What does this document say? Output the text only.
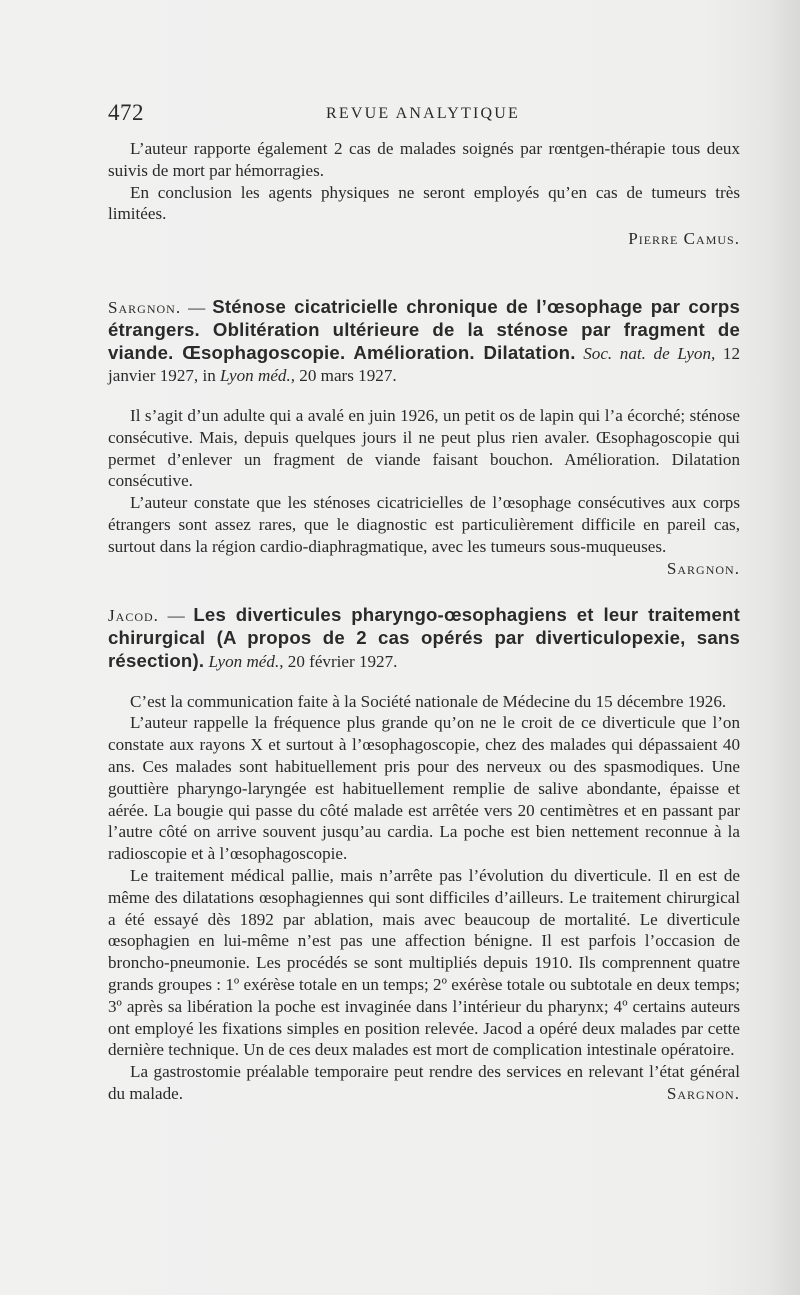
472	REVUE ANALYTIQUE

L’auteur rapporte également 2 cas de malades soignés par rœntgen-thérapie tous deux suivis de mort par hémorragies.

En conclusion les agents physiques ne seront employés qu’en cas de tumeurs très limitées.

Pierre Camus.

Sargnon. — Sténose cicatricielle chronique de l’œsophage par corps étrangers. Oblitération ultérieure de la sténose par fragment de viande. Œsophagoscopie. Amélioration. Dilatation. Soc. nat. de Lyon, 12 janvier 1927, in Lyon méd., 20 mars 1927.

Il s’agit d’un adulte qui a avalé en juin 1926, un petit os de lapin qui l’a écorché; sténose consécutive. Mais, depuis quelques jours il ne peut plus rien avaler. Œsophagoscopie qui permet d’enlever un fragment de viande faisant bouchon. Amélioration. Dilatation consécutive.

L’auteur constate que les sténoses cicatricielles de l’œsophage consécutives aux corps étrangers sont assez rares, que le diagnostic est particulièrement difficile en pareil cas, surtout dans la région cardio-diaphragmatique, avec les tumeurs sous-muqueuses.
Sargnon.

Jacod. — Les diverticules pharyngo-œsophagiens et leur traitement chirurgical (A propos de 2 cas opérés par diverticulopexie, sans résection). Lyon méd., 20 février 1927.

C’est la communication faite à la Société nationale de Médecine du 15 décembre 1926.

L’auteur rappelle la fréquence plus grande qu’on ne le croit de ce diverticule que l’on constate aux rayons X et surtout à l’œsophagoscopie, chez des malades qui dépassaient 40 ans. Ces malades sont habituellement pris pour des nerveux ou des spasmodiques. Une gouttière pharyngo-laryngée est habituellement remplie de salive abondante, épaisse et aérée. La bougie qui passe du côté malade est arrêtée vers 20 centimètres et en passant par l’autre côté on arrive souvent jusqu’au cardia. La poche est bien nettement reconnue à la radioscopie et à l’œsophagoscopie.

Le traitement médical pallie, mais n’arrête pas l’évolution du diverticule. Il en est de même des dilatations œsophagiennes qui sont difficiles d’ailleurs. Le traitement chirurgical a été essayé dès 1892 par ablation, mais avec beaucoup de mortalité. Le diverticule œsophagien en lui-même n’est pas une affection bénigne. Il est parfois l’occasion de broncho-pneumonie. Les procédés se sont multipliés depuis 1910. Ils comprennent quatre grands groupes : 1º exérèse totale en un temps; 2º exérèse totale ou subtotale en deux temps; 3º après sa libération la poche est invaginée dans l’intérieur du pharynx; 4º certains auteurs ont employé les fixations simples en position relevée. Jacod a opéré deux malades par cette dernière technique. Un de ces deux malades est mort de complication intestinale opératoire.

La gastrostomie préalable temporaire peut rendre des services en relevant l’état général du malade.	Sargnon.
